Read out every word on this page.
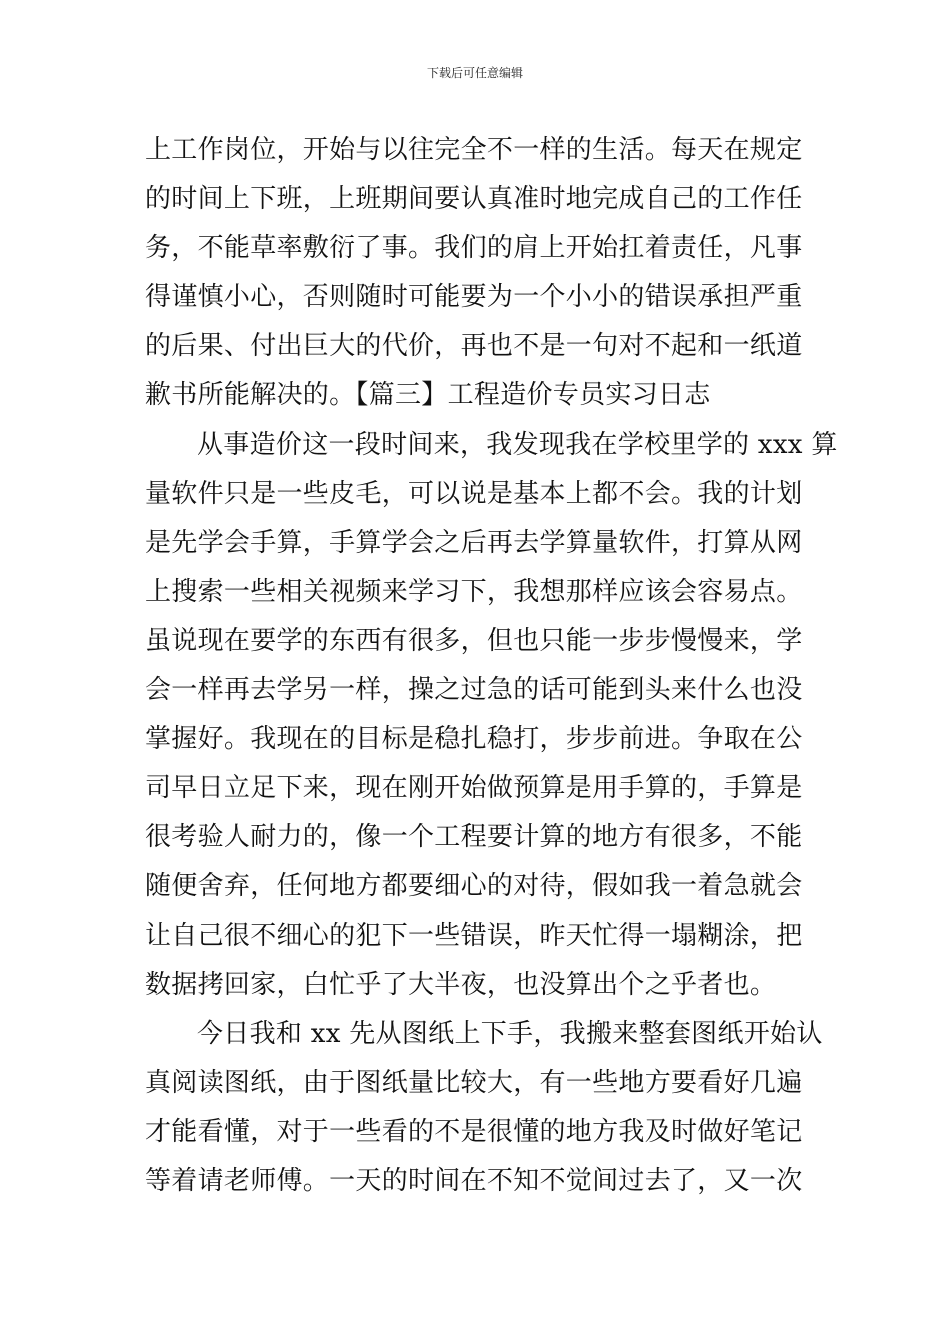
下载后可任意编辑
上工作岗位，开始与以往完全不一样的生活。每天在规定
的时间上下班，上班期间要认真准时地完成自己的工作任
务，不能草率敷衍了事。我们的肩上开始扛着责任，凡事
得谨慎小心，否则随时可能要为一个小小的错误承担严重
的后果、付出巨大的代价，再也不是一句对不起和一纸道
歉书所能解决的。【篇三】工程造价专员实习日志
从事造价这一段时间来，我发现我在学校里学的 xxx 算
量软件只是一些皮毛，可以说是基本上都不会。我的计划
是先学会手算，手算学会之后再去学算量软件，打算从网
上搜索一些相关视频来学习下，我想那样应该会容易点。
虽说现在要学的东西有很多，但也只能一步步慢慢来，学
会一样再去学另一样，操之过急的话可能到头来什么也没
掌握好。我现在的目标是稳扎稳打，步步前进。争取在公
司早日立足下来，现在刚开始做预算是用手算的，手算是
很考验人耐力的，像一个工程要计算的地方有很多，不能
随便舍弃，任何地方都要细心的对待，假如我一着急就会
让自己很不细心的犯下一些错误，昨天忙得一塌糊涂，把
数据拷回家，白忙乎了大半夜，也没算出个之乎者也。
今日我和 xx 先从图纸上下手，我搬来整套图纸开始认
真阅读图纸，由于图纸量比较大，有一些地方要看好几遍
才能看懂，对于一些看的不是很懂的地方我及时做好笔记
等着请老师傅。一天的时间在不知不觉间过去了，又一次
